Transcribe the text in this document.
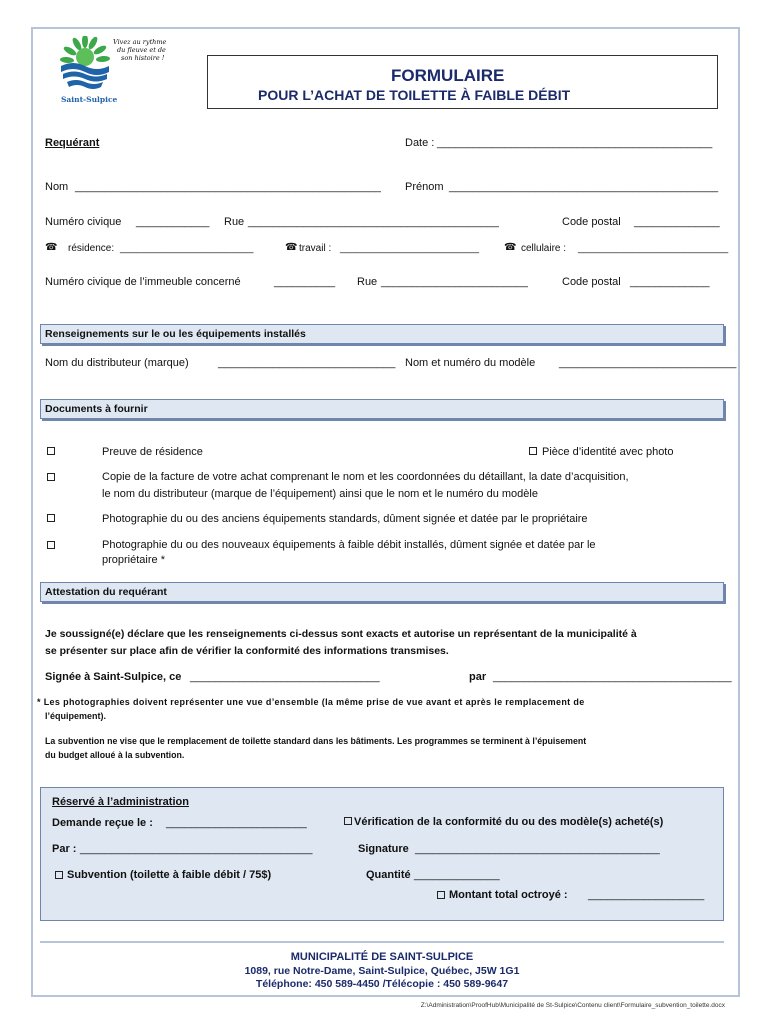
Vivez au rythme
du fleuve et de
son histoire !
Saint-Sulpice
FORMULAIRE
POUR L’ACHAT DE TOILETTE À FAIBLE DÉBIT
Requérant	Date : _____________________________________________
Nom __________________________________________________ Prénom ____________________________________________
Numéro civique ____________ Rue _________________________________________	Code postal ______________
☎ résidence: ________________________	☎ travail : _________________________ ☎ cellulaire : ___________________________
Numéro civique de l’immeuble concerné	__________ Rue ________________________	Code postal _____________
Renseignements sur le ou les équipements installés
Nom du distributeur (marque)	_____________________________ Nom et numéro du modèle _____________________________
Documents à fournir
Preuve de résidence	Pièce d’identité avec photo
Copie de la facture de votre achat comprenant le nom et les coordonnées du détaillant, la date d’acquisition,
le nom du distributeur (marque de l’équipement) ainsi que le nom et le numéro du modèle
Photographie du ou des anciens équipements standards, dûment signée et datée par le propriétaire
Photographie du ou des nouveaux équipements à faible débit installés, dûment signée et datée par le
propriétaire *
Attestation du requérant
Je soussigné(e) déclare que les renseignements ci-dessus sont exacts et autorise un représentant de la municipalité à
se présenter sur place afin de vérifier la conformité des informations transmises.
Signée à Saint-Sulpice, ce _______________________________	par _______________________________________
* Les photographies doivent représenter une vue d’ensemble (la même prise de vue avant et après le remplacement de
l’équipement).
La subvention ne vise que le remplacement de toilette standard dans les bâtiments. Les programmes se terminent à l’épuisement
du budget alloué à la subvention.
Réservé à l’administration
Demande reçue le : _______________________	Vérification de la conformité du ou des modèle(s) acheté(s)
Par : ______________________________________	Signature ________________________________________
Subvention (toilette à faible débit / 75$)	Quantité ______________
Montant total octroyé : ___________________
MUNICIPALITÉ DE SAINT-SULPICE
1089, rue Notre-Dame, Saint-Sulpice, Québec, J5W 1G1
Téléphone: 450 589-4450 /Télécopie : 450 589-9647
Z:\Administration\ProofHub\Municipalité de St-Sulpice\Contenu client\Formulaire_subvention_toilette.docx
